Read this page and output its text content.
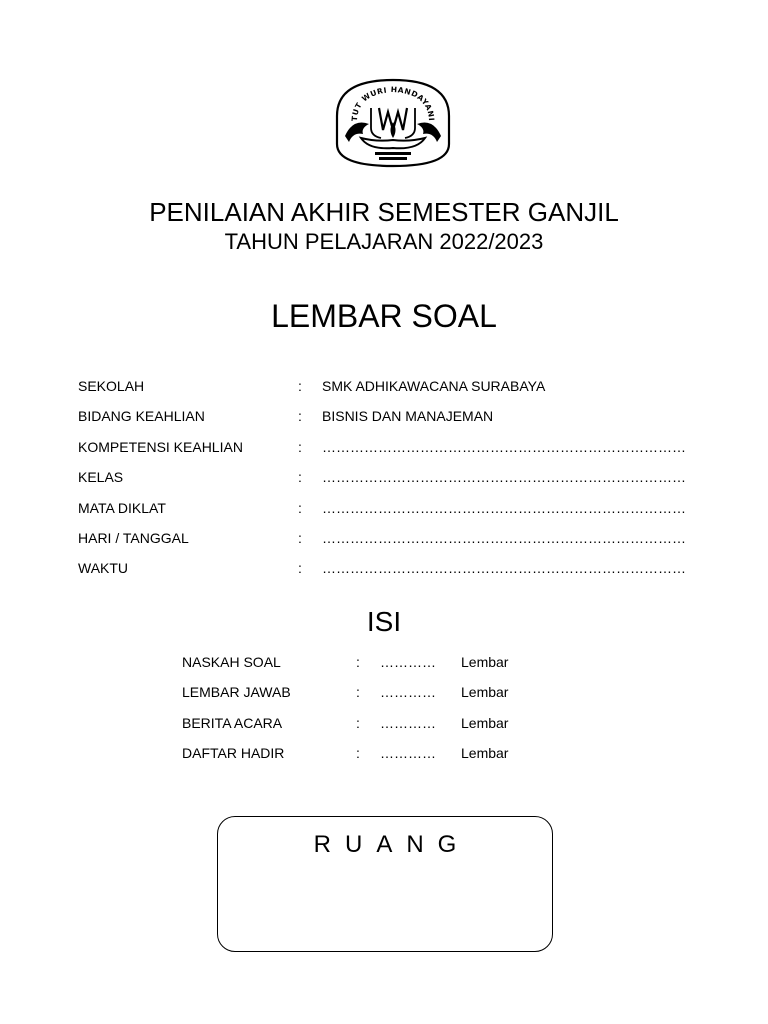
TUT WURI HANDAYANI
PENILAIAN AKHIR SEMESTER GANJIL
TAHUN PELAJARAN 2022/2023
LEMBAR SOAL
SEKOLAH	: SMK ADHIKAWACANA SURABAYA
BIDANG KEAHLIAN	: BISNIS DAN MANAJEMAN
KOMPETENSI KEAHLIAN	: ……………………………………………………………………
KELAS	: ……………………………………………………………………
MATA DIKLAT	: ……………………………………………………………………
HARI / TANGGAL	: ……………………………………………………………………
WAKTU	: ……………………………………………………………………
ISI
NASKAH SOAL	: ………… Lembar
LEMBAR JAWAB	: ………… Lembar
BERITA ACARA	: ………… Lembar
DAFTAR HADIR	: ………… Lembar
RUANG
